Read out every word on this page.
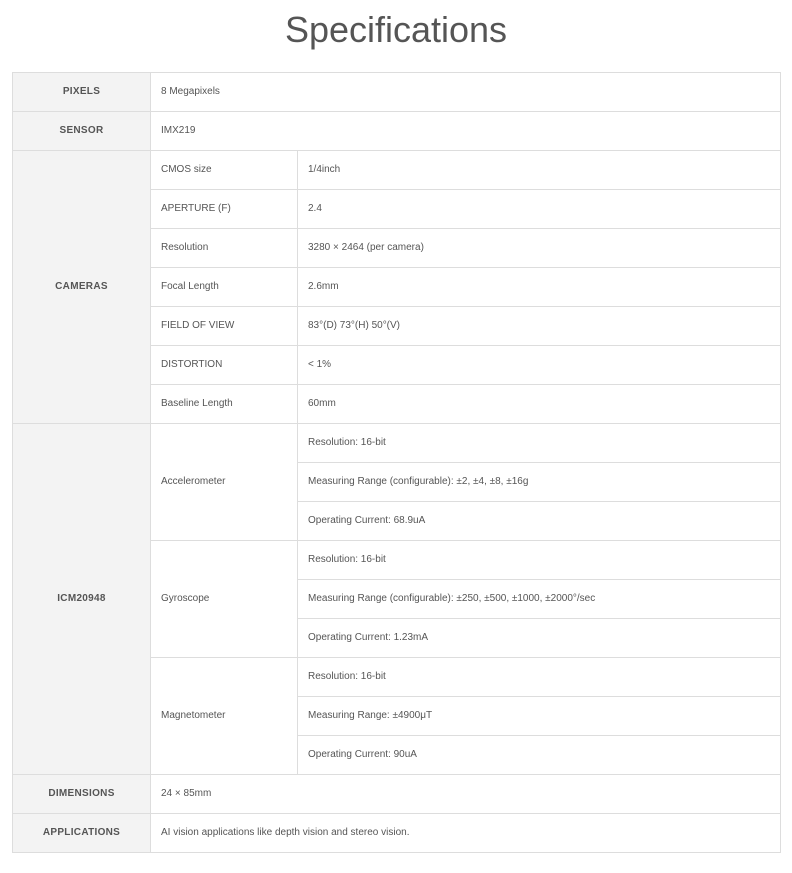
Specifications
PIXELS	8 Megapixels	
SENSOR	IMX219	
CAMERAS	CMOS size	1/4inch
	APERTURE (F)	2.4
	Resolution	3280 × 2464 (per camera)
	Focal Length	2.6mm
	FIELD OF VIEW	83°(D) 73°(H) 50°(V)
	DISTORTION	< 1%
	Baseline Length	60mm
ICM20948	Accelerometer	Resolution: 16-bit
		Measuring Range (configurable): ±2, ±4, ±8, ±16g
		Operating Current: 68.9uA
	Gyroscope	Resolution: 16-bit
		Measuring Range (configurable): ±250, ±500, ±1000, ±2000°/sec
		Operating Current: 1.23mA
	Magnetometer	Resolution: 16-bit
		Measuring Range: ±4900μT
		Operating Current: 90uA
DIMENSIONS	24 × 85mm	
APPLICATIONS	AI vision applications like depth vision and stereo vision.	
